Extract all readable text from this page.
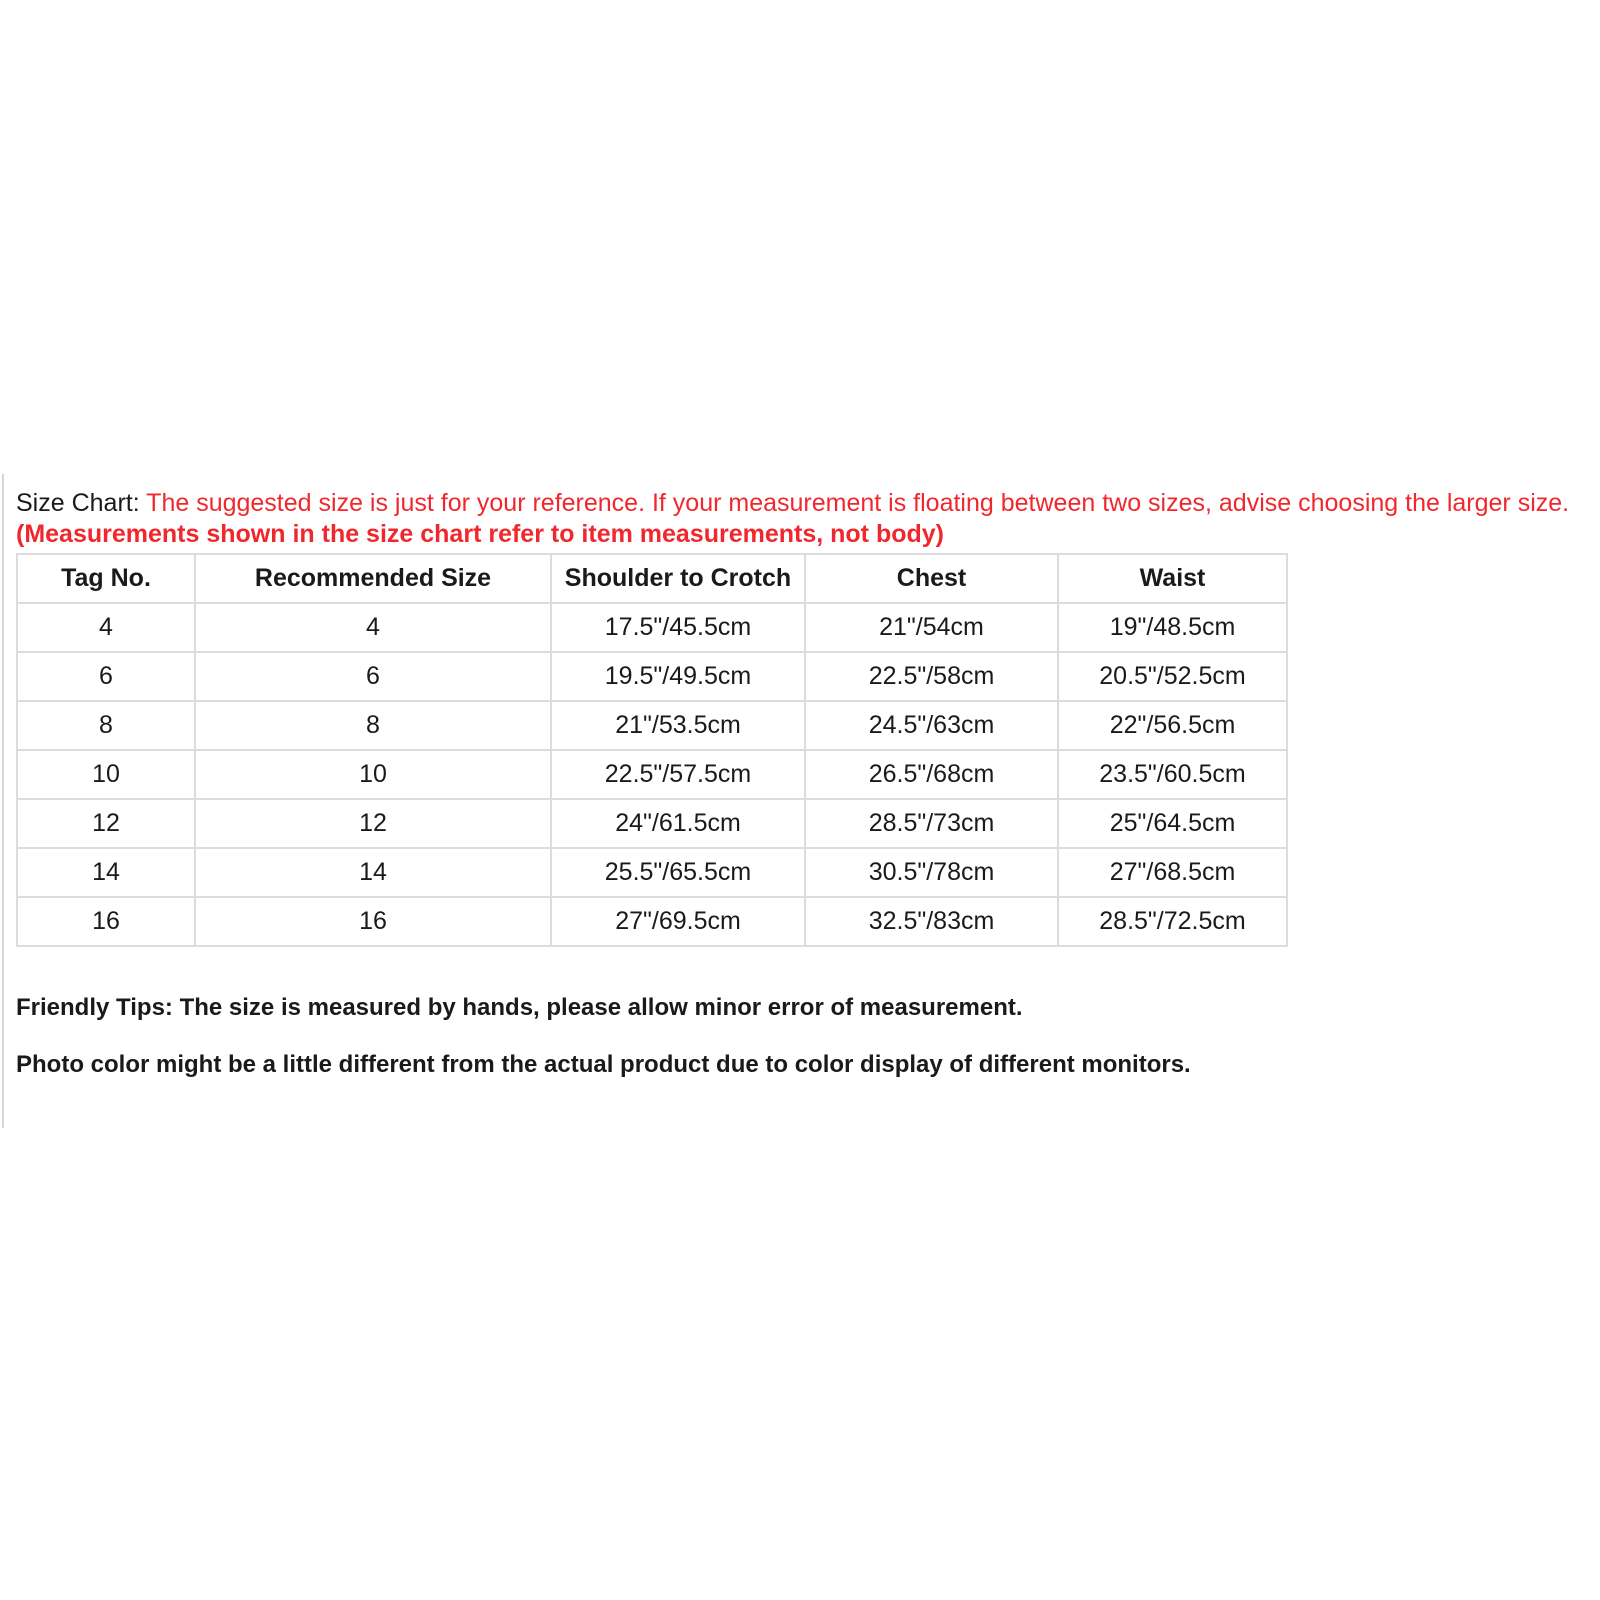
Size Chart: The suggested size is just for your reference. If your measurement is floating between two sizes, advise choosing the larger size.

(Measurements shown in the size chart refer to item measurements, not body)

Tag No.	Recommended Size	Shoulder to Crotch	Chest	Waist
4	4	17.5"/45.5cm	21"/54cm	19"/48.5cm
6	6	19.5"/49.5cm	22.5"/58cm	20.5"/52.5cm
8	8	21"/53.5cm	24.5"/63cm	22"/56.5cm
10	10	22.5"/57.5cm	26.5"/68cm	23.5"/60.5cm
12	12	24"/61.5cm	28.5"/73cm	25"/64.5cm
14	14	25.5"/65.5cm	30.5"/78cm	27"/68.5cm
16	16	27"/69.5cm	32.5"/83cm	28.5"/72.5cm

Friendly Tips: The size is measured by hands, please allow minor error of measurement.

Photo color might be a little different from the actual product due to color display of different monitors.
